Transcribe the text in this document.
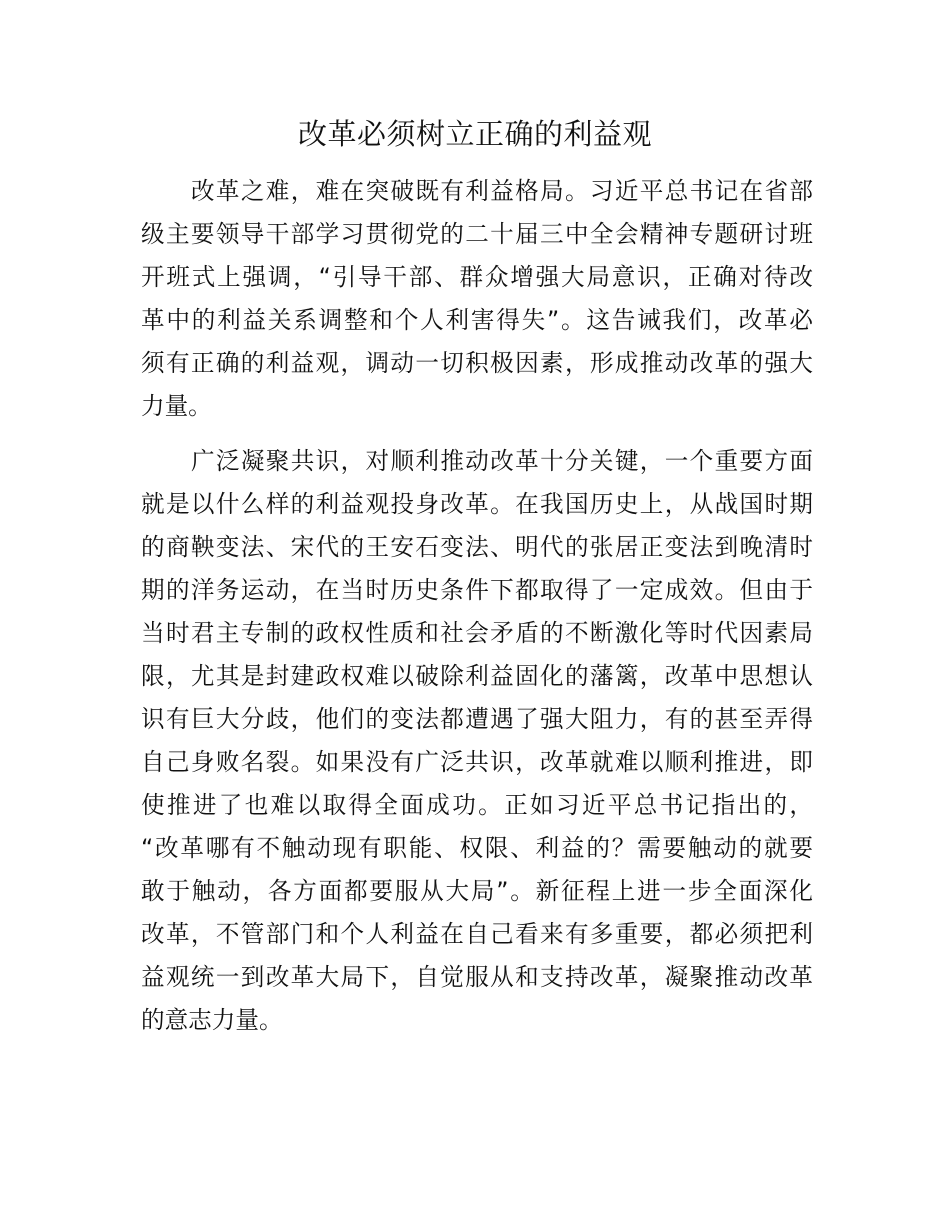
改革必须树立正确的利益观
改革之难，难在突破既有利益格局。习近平总书记在省部
级主要领导干部学习贯彻党的二十届三中全会精神专题研讨班
开班式上强调，“引导干部、群众增强大局意识，正确对待改
革中的利益关系调整和个人利害得失”。这告诫我们，改革必
须有正确的利益观，调动一切积极因素，形成推动改革的强大
力量。
广泛凝聚共识，对顺利推动改革十分关键，一个重要方面
就是以什么样的利益观投身改革。在我国历史上，从战国时期
的商鞅变法、宋代的王安石变法、明代的张居正变法到晚清时
期的洋务运动，在当时历史条件下都取得了一定成效。但由于
当时君主专制的政权性质和社会矛盾的不断激化等时代因素局
限，尤其是封建政权难以破除利益固化的藩篱，改革中思想认
识有巨大分歧，他们的变法都遭遇了强大阻力，有的甚至弄得
自己身败名裂。如果没有广泛共识，改革就难以顺利推进，即
使推进了也难以取得全面成功。正如习近平总书记指出的，
“改革哪有不触动现有职能、权限、利益的？需要触动的就要
敢于触动，各方面都要服从大局”。新征程上进一步全面深化
改革，不管部门和个人利益在自己看来有多重要，都必须把利
益观统一到改革大局下，自觉服从和支持改革，凝聚推动改革
的意志力量。
